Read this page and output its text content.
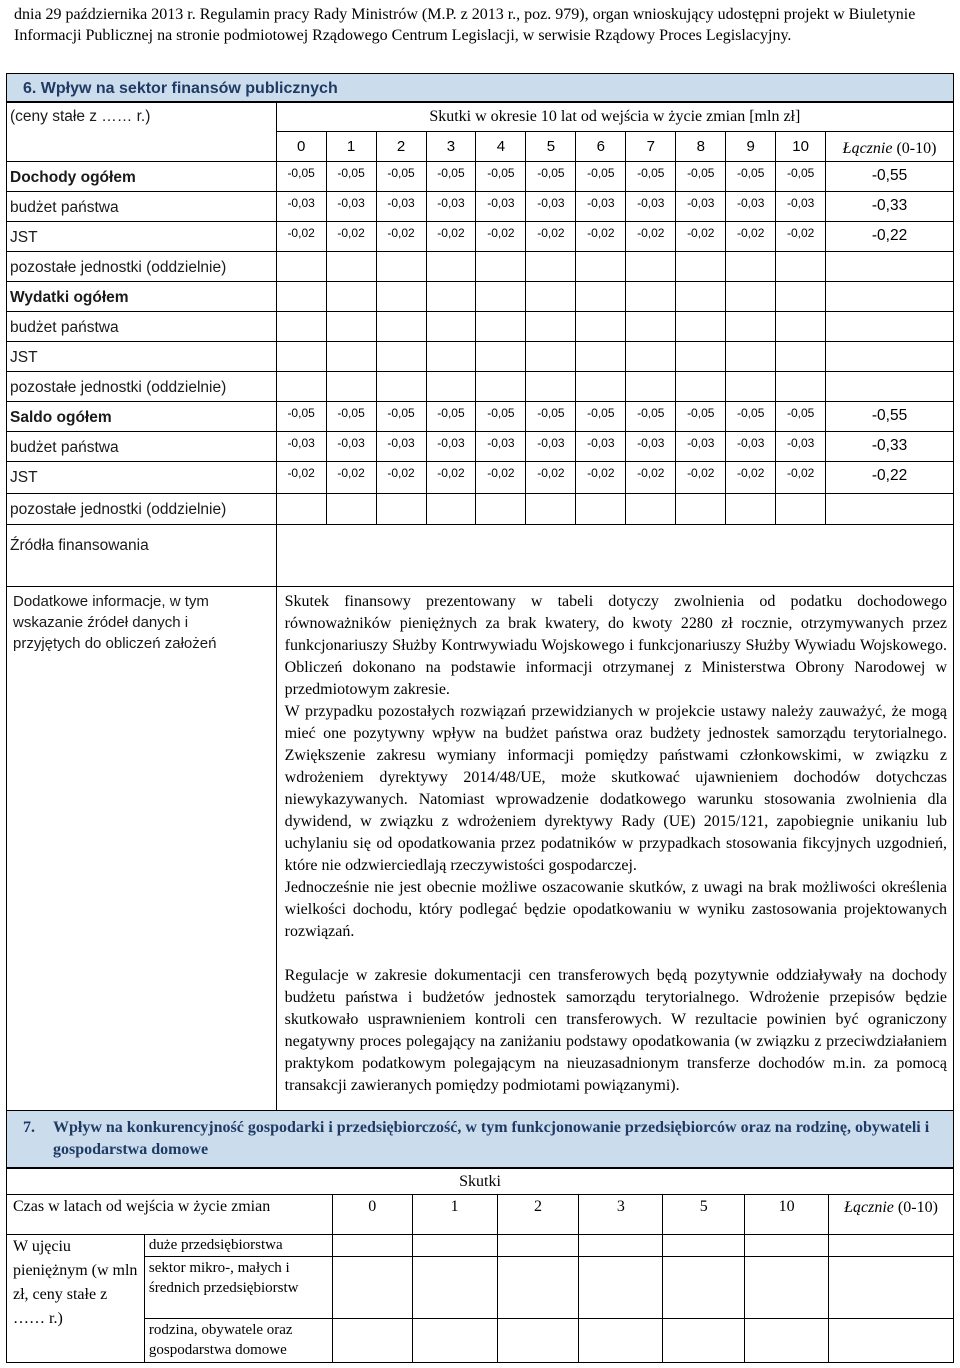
dnia 29 października 2013 r. Regulamin pracy Rady Ministrów (M.P. z 2013 r., poz. 979), organ wnioskujący udostępni projekt w Biuletynie Informacji Publicznej na stronie podmiotowej Rządowego Centrum Legislacji, w serwisie Rządowy Proces Legislacyjny.
6. Wpływ na sektor finansów publicznych
(ceny stałe z …… r.)	Skutki w okresie 10 lat od wejścia w życie zmian [mln zł]											
	0	1	2	3	4	5	6	7	8	9	10	Łącznie (0-10)
Dochody ogółem	-0,05	-0,05	-0,05	-0,05	-0,05	-0,05	-0,05	-0,05	-0,05	-0,05	-0,05	-0,55
budżet państwa	-0,03	-0,03	-0,03	-0,03	-0,03	-0,03	-0,03	-0,03	-0,03	-0,03	-0,03	-0,33
JST	-0,02	-0,02	-0,02	-0,02	-0,02	-0,02	-0,02	-0,02	-0,02	-0,02	-0,02	-0,22
pozostałe jednostki (oddzielnie)												
Wydatki ogółem												
budżet państwa												
JST												
pozostałe jednostki (oddzielnie)												
Saldo ogółem	-0,05	-0,05	-0,05	-0,05	-0,05	-0,05	-0,05	-0,05	-0,05	-0,05	-0,05	-0,55
budżet państwa	-0,03	-0,03	-0,03	-0,03	-0,03	-0,03	-0,03	-0,03	-0,03	-0,03	-0,03	-0,33
JST	-0,02	-0,02	-0,02	-0,02	-0,02	-0,02	-0,02	-0,02	-0,02	-0,02	-0,02	-0,22
pozostałe jednostki (oddzielnie)												
Źródła finansowania												
Dodatkowe informacje, w tym wskazanie źródeł danych i przyjętych do obliczeń założeń	Skutek finansowy prezentowany w tabeli dotyczy zwolnienia od podatku dochodowego równoważników pieniężnych za brak kwatery, do kwoty 2280 zł rocznie, otrzymywanych przez funkcjonariuszy Służby Kontrwywiadu Wojskowego i funkcjonariuszy Służby Wywiadu Wojskowego. Obliczeń dokonano na podstawie informacji otrzymanej z Ministerstwa Obrony Narodowej w przedmiotowym zakresie.
W przypadku pozostałych rozwiązań przewidzianych w projekcie ustawy należy zauważyć, że mogą mieć one pozytywny wpływ na budżet państwa oraz budżety jednostek samorządu terytorialnego. Zwiększenie zakresu wymiany informacji pomiędzy państwami członkowskimi, w związku z wdrożeniem dyrektywy 2014/48/UE, może skutkować ujawnieniem dochodów dotychczas niewykazywanych. Natomiast wprowadzenie dodatkowego warunku stosowania zwolnienia dla dywidend, w związku z wdrożeniem dyrektywy Rady (UE) 2015/121, zapobiegnie unikaniu lub uchylaniu się od opodatkowania przez podatników w przypadkach stosowania fikcyjnych uzgodnień, które nie odzwierciedlają rzeczywistości gospodarczej.
Jednocześnie nie jest obecnie możliwe oszacowanie skutków, z uwagi na brak możliwości określenia wielkości dochodu, który podlegać będzie opodatkowaniu w wyniku zastosowania projektowanych rozwiązań.
Regulacje w zakresie dokumentacji cen transferowych będą pozytywnie oddziaływały na dochody budżetu państwa i budżetów jednostek samorządu terytorialnego. Wdrożenie przepisów będzie skutkowało usprawnieniem kontroli cen transferowych. W rezultacie powinien być ograniczony negatywny proces polegający na zaniżaniu podstawy opodatkowania (w związku z przeciwdziałaniem praktykom podatkowym polegającym na nieuzasadnionym transferze dochodów m.in. za pomocą transakcji zawieranych pomiędzy podmiotami powiązanymi).											
7.	Wpływ na konkurencyjność gospodarki i przedsiębiorczość, w tym funkcjonowanie przedsiębiorców oraz na rodzinę, obywateli i gospodarstwa domowe
Skutki								
Czas w latach od wejścia w życie zmian		0	1	2	3	5	10	Łącznie (0-10)
W ujęciu pieniężnym (w mln zł, ceny stałe z …… r.)	duże przedsiębiorstwa							
	sektor mikro-, małych i średnich przedsiębiorstw							
	rodzina, obywatele oraz gospodarstwa domowe							
